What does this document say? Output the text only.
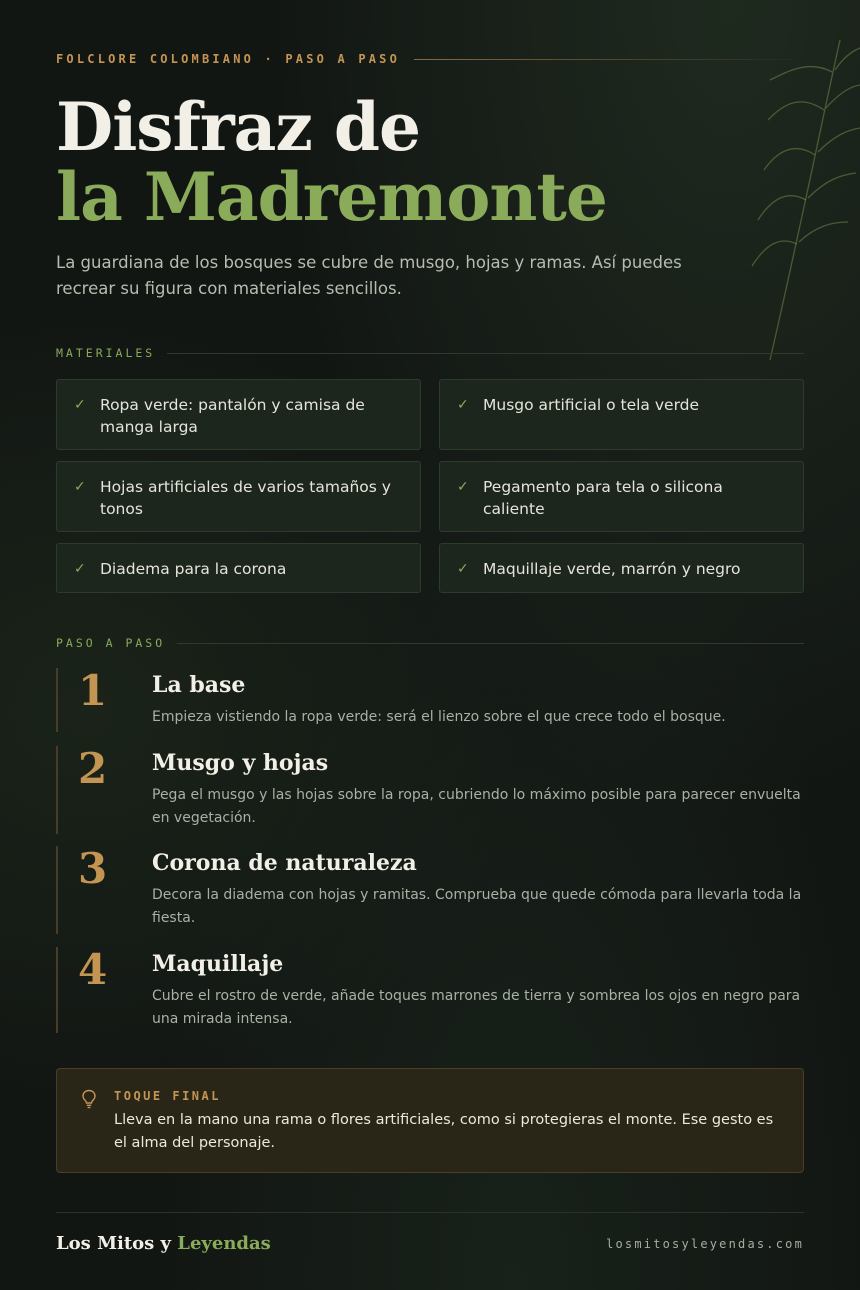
FOLCLORE COLOMBIANO · PASO A PASO
Disfraz de
la Madremonte

La guardiana de los bosques se cubre de musgo, hojas y ramas. Así puedes recrear su figura con materiales sencillos.

MATERIALES
✓ Ropa verde: pantalón y camisa de manga larga
✓ Musgo artificial o tela verde
✓ Hojas artificiales de varios tamaños y tonos
✓ Pegamento para tela o silicona caliente
✓ Diadema para la corona	✓ Maquillaje verde, marrón y negro
PASO A PASO
1 La base
Empieza vistiendo la ropa verde: será el lienzo sobre el que crece todo el bosque.
2 Musgo y hojas
Pega el musgo y las hojas sobre la ropa, cubriendo lo máximo posible para parecer envuelta en vegetación.
3 Corona de naturaleza
Decora la diadema con hojas y ramitas. Comprueba que quede cómoda para llevarla toda la fiesta.
4 Maquillaje
Cubre el rostro de verde, añade toques marrones de tierra y sombrea los ojos en negro para una mirada intensa.
TOQUE FINAL

Lleva en la mano una rama o flores artificiales, como si protegieras el monte. Ese gesto es el alma del personaje.

Los Mitos y Leyendas	losmitosyleyendas.com
